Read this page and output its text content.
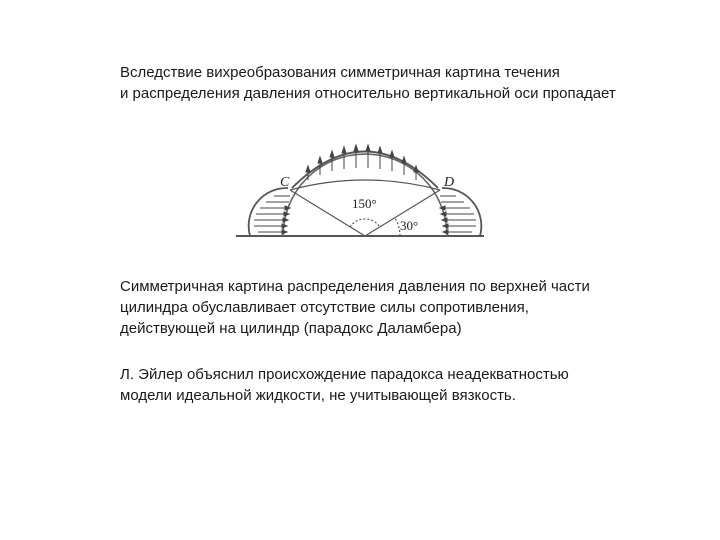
Вследствие вихреобразования симметричная картина течения
и распределения давления относительно вертикальной оси пропадает
C	D
150°
30°
Симметричная картина распределения давления по верхней части
цилиндра обуславливает отсутствие силы сопротивления,
действующей на цилиндр (парадокс Даламбера)
Л. Эйлер объяснил происхождение парадокса неадекватностью
модели идеальной жидкости, не учитывающей вязкость.
